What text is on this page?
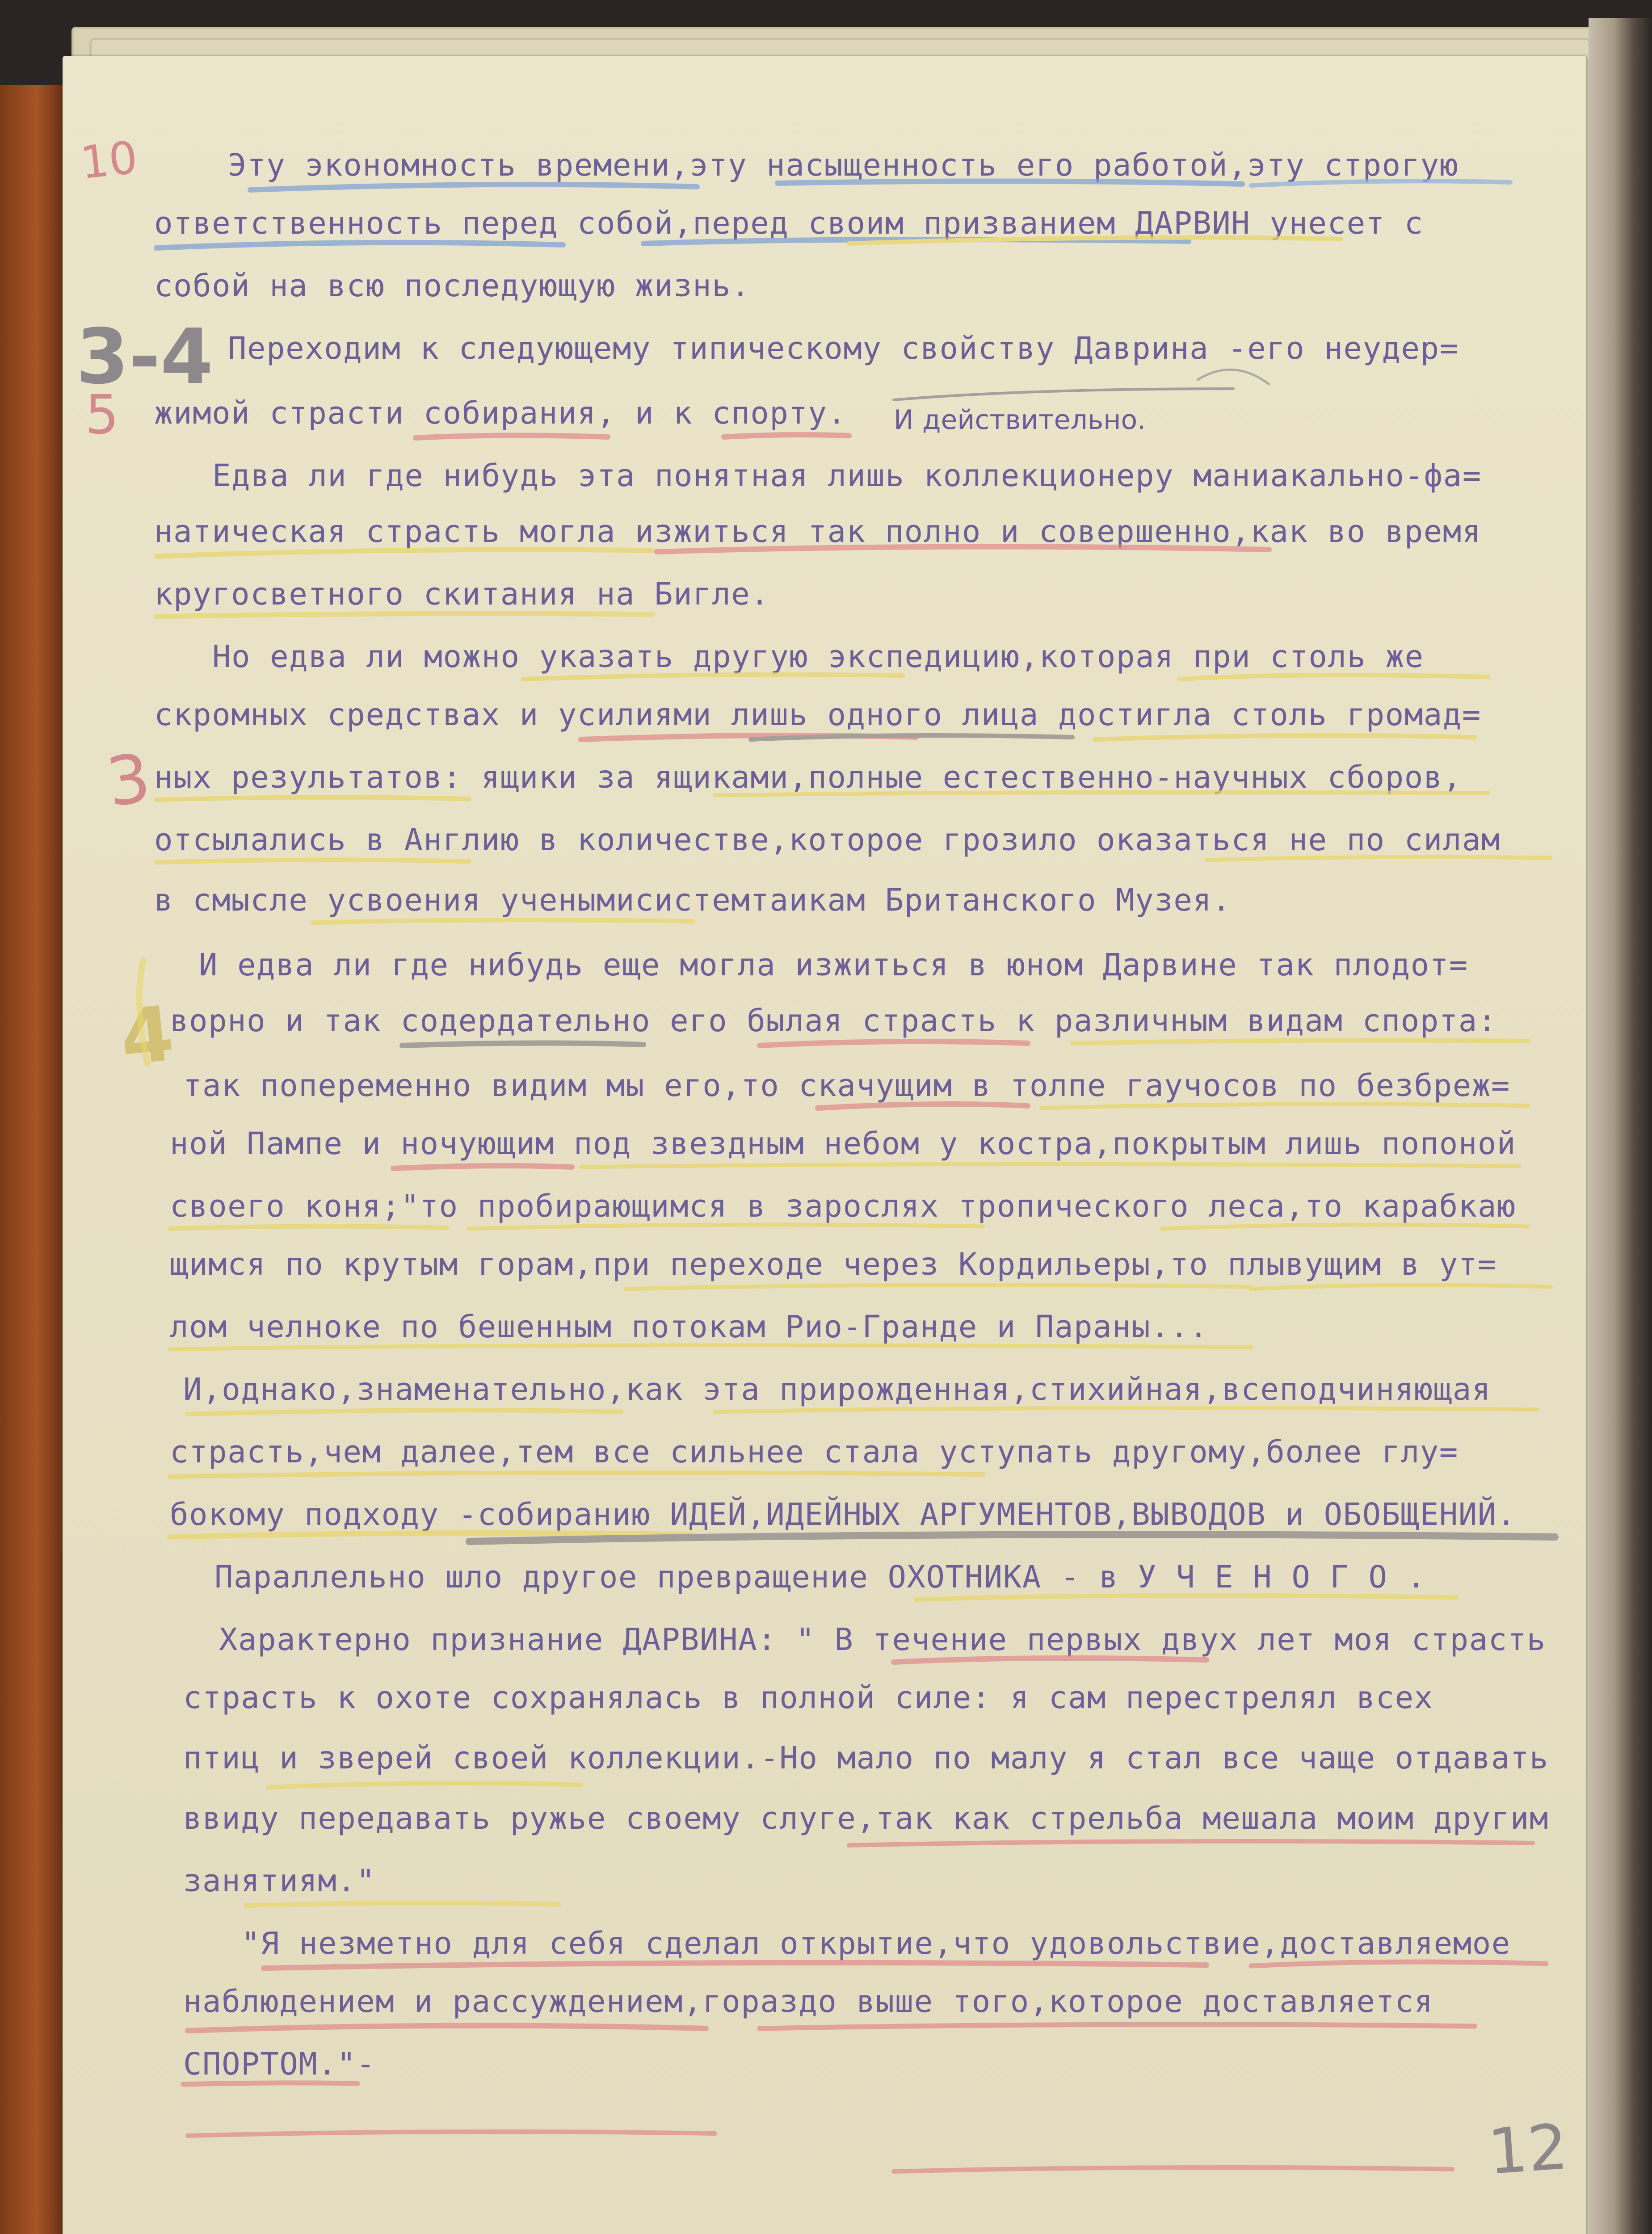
10
3-4
5
3
4
12

Эту экономность времени,эту насыщенность его работой,эту строгую

ответственность перед собой,перед своим призванием ДАРВИН унесет с

собой на всю последующую жизнь.

Переходим к следующему типическому свойству Даврина -его неудер=

жимой страсти собирания, и к спорту. И действительно.

Едва ли где нибудь эта понятная лишь коллекционеру маниакально-фа=

натическая страсть могла изжиться так полно и совершенно,как во время

кругосветного скитания на Бигле.

Но едва ли можно указать другую экспедицию,которая при столь же

скромных средствах и усилиями лишь одного лица достигла столь громад=

ных результатов: ящики за ящиками,полные естественно-научных сборов,

отсылались в Англию в количестве,которое грозило оказаться не по силам

в смысле усвоения ученымисистемтаикам Британского Музея.

И едва ли где нибудь еще могла изжиться в юном Дарвине так плодот=

ворно и так содердательно его былая страсть к различным видам спорта:

так попеременно видим мы его,то скачущим в толпе гаучосов по безбреж=

ной Пампе и ночующим под звездным небом у костра,покрытым лишь попоной

своего коня;"то пробирающимся в зарослях тропического леса,то карабкаю

щимся по крутым горам,при переходе через Кордильеры,то плывущим в ут=

лом челноке по бешенным потокам Рио-Гранде и Параны...

И,однако,знаменательно,как эта прирожденная,стихийная,всеподчиняющая

страсть,чем далее,тем все сильнее стала уступать другому,более глу=

бокому подходу -собиранию ИДЕЙ,ИДЕЙНЫХ АРГУМЕНТОВ,ВЫВОДОВ и ОБОБЩЕНИЙ.

Параллельно шло другое превращение ОХОТНИКА - в У Ч Е Н О Г О .

Характерно признание ДАРВИНА: " В течение первых двух лет моя страсть

страсть к охоте сохранялась в полной силе: я сам перестрелял всех

птиц и зверей своей коллекции.-Но мало по малу я стал все чаще отдавать

ввиду передавать ружье своему слуге,так как стрельба мешала моим другим

занятиям."

"Я незметно для себя сделал открытие,что удовольствие,доставляемое

наблюдением и рассуждением,гораздо выше того,которое доставляется

СПОРТОМ."-
